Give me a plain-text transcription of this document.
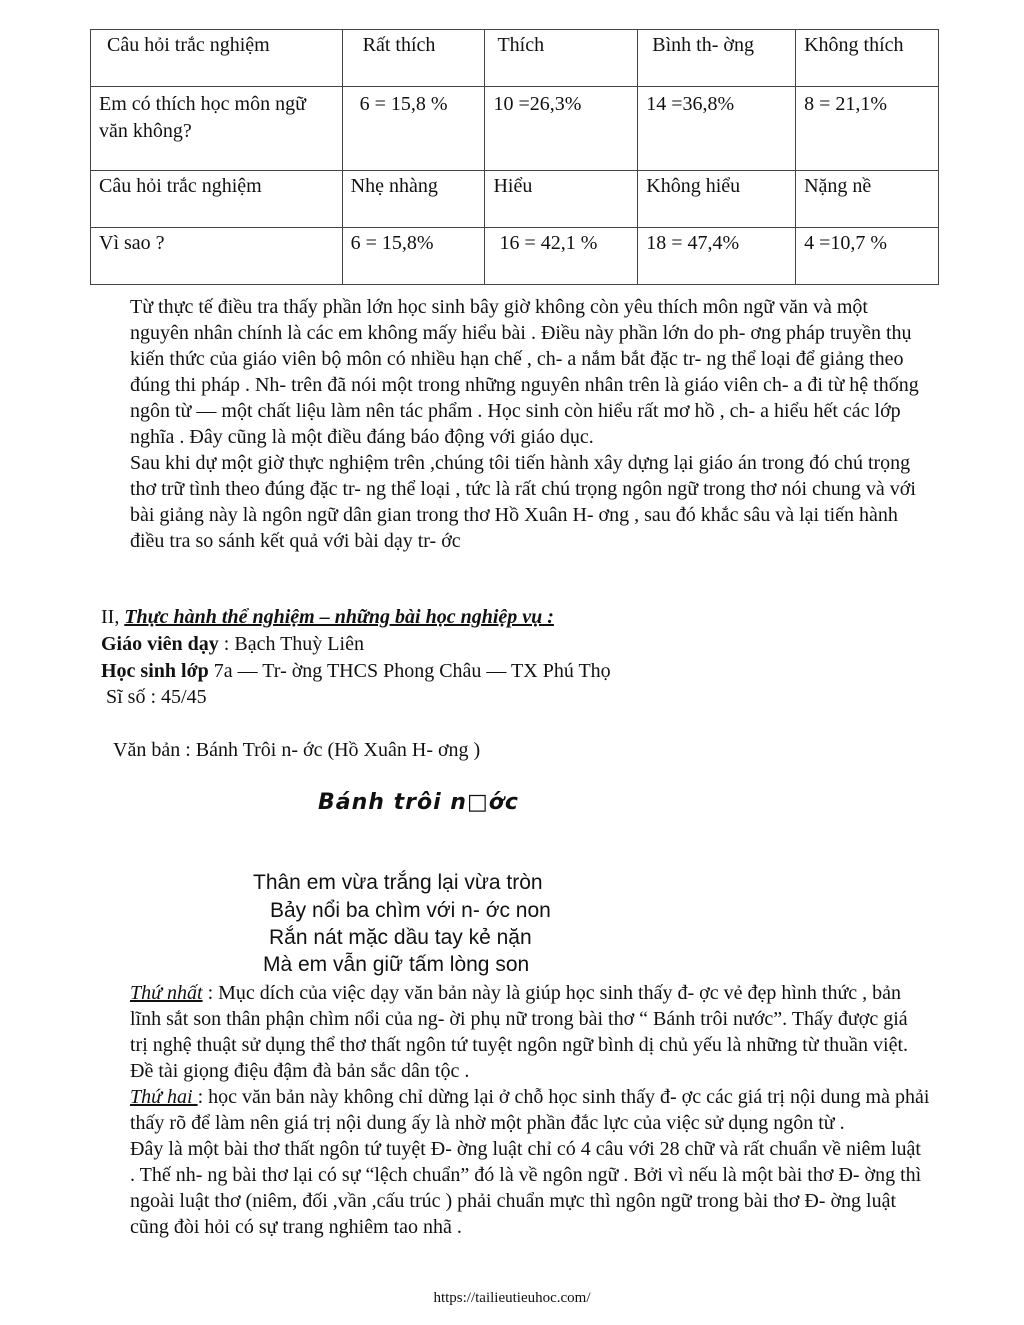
Câu hỏi trắc nghiệm	Rất thích	Thích	Bình th- ờng	Không thích
Em có thích học môn ngữ văn không?	6 = 15,8 %	10 =26,3%	14 =36,8%	8 = 21,1%
Câu hỏi trắc nghiệm	Nhẹ nhàng	Hiểu	Không hiểu	Nặng nề
Vì sao ?	6 = 15,8%	16 = 42,1 %	18 = 47,4%	4 =10,7 %

Từ thực tế điều tra thấy phần lớn học sinh bây giờ không còn yêu thích môn ngữ văn và một nguyên nhân chính là các em không mấy hiểu bài . Điều này phần lớn do ph- ơng pháp truyền thụ kiến thức của giáo viên bộ môn có nhiều hạn chế , ch- a nắm bắt đặc tr- ng thể loại để giảng theo đúng thi pháp . Nh- trên đã nói một trong những nguyên nhân trên là giáo viên ch- a đi từ hệ thống ngôn từ — một chất liệu làm nên tác phẩm . Học sinh còn hiểu rất mơ hồ , ch- a hiểu hết các lớp nghĩa . Đây cũng là một điều đáng báo động với giáo dục.

Sau khi dự một giờ thực nghiệm trên ,chúng tôi tiến hành xây dựng lại giáo án trong đó chú trọng thơ trữ tình theo đúng đặc tr- ng thể loại , tức là rất chú trọng ngôn ngữ trong thơ nói chung và với bài giảng này là ngôn ngữ dân gian trong thơ Hồ Xuân H- ơng , sau đó khắc sâu và lại tiến hành điều tra so sánh kết quả với bài dạy tr- ớc

II, Thực hành thể nghiệm – những bài học nghiệp vụ :
Giáo viên dạy : Bạch Thuỳ Liên
Học sinh lớp 7a — Tr- ờng THCS Phong Châu — TX Phú Thọ
Sĩ số : 45/45
Văn bản : Bánh Trôi n- ớc (Hồ Xuân H- ơng )
Bánh trôi n□ớc
Thân em vừa trắng lại vừa tròn
Bảy nổi ba chìm với n- ớc non
Rắn nát mặc dầu tay kẻ nặn
Mà em vẫn giữ tấm lòng son

Thứ nhất : Mục dích của việc dạy văn bản này là giúp học sinh thấy đ- ợc vẻ đẹp hình thức , bản lĩnh sắt son thân phận chìm nổi của ng- ời phụ nữ trong bài thơ “ Bánh trôi nước”. Thấy được giá trị nghệ thuật sử dụng thể thơ thất ngôn tứ tuyệt ngôn ngữ bình dị chủ yếu là những từ thuần việt. Đề tài giọng điệu đậm đà bản sắc dân tộc .

Thứ hai : học văn bản này không chỉ dừng lại ở chỗ học sinh thấy đ- ợc các giá trị nội dung mà phải thấy rõ để làm nên giá trị nội dung ấy là nhờ một phần đắc lực của việc sử dụng ngôn từ .

Đây là một bài thơ thất ngôn tứ tuyệt Đ- ờng luật chỉ có 4 câu với 28 chữ và rất chuẩn về niêm luật . Thế nh- ng bài thơ lại có sự “lệch chuẩn” đó là về ngôn ngữ . Bởi vì nếu là một bài thơ Đ- ờng thì ngoài luật thơ (niêm, đối ,vần ,cấu trúc ) phải chuẩn mực thì ngôn ngữ trong bài thơ Đ- ờng luật cũng đòi hỏi có sự trang nghiêm tao nhã .

https://tailieutieuhoc.com/
